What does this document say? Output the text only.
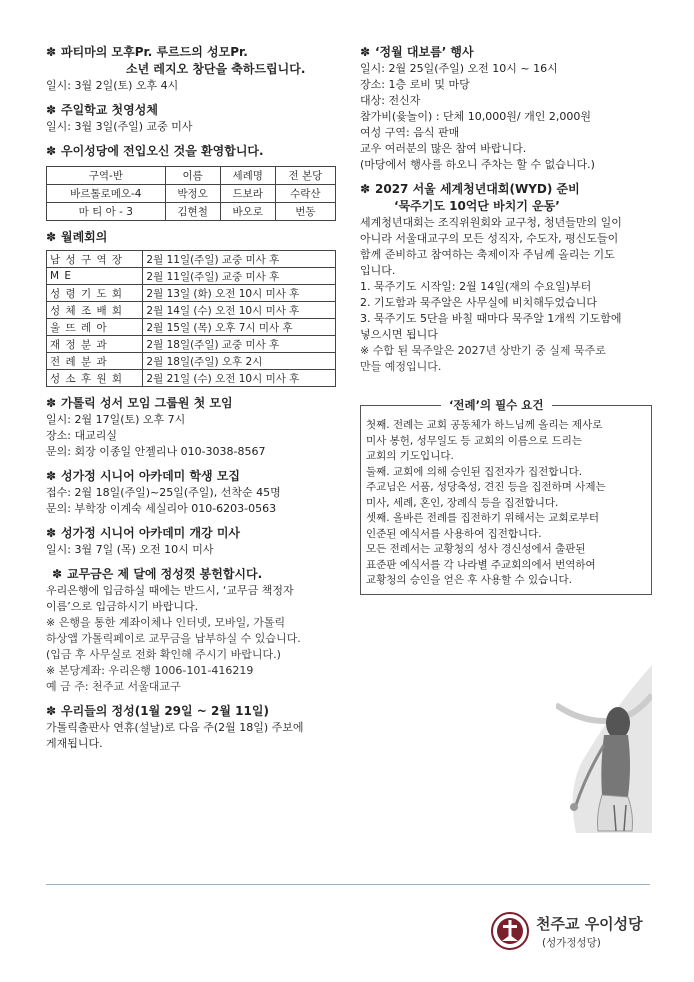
✽ 파티마의 모후Pr. 루르드의 성모Pr.

소년 레지오 창단을 축하드립니다.

일시: 3월 2일(토) 오후 4시

✽ 주일학교 첫영성체

일시: 3월 3일(주일) 교중 미사

✽ 우이성당에 전입오신 것을 환영합니다.

구역-반	이름	세례명	전 본당
바르톨로메오-4	박정오	드보라	수락산
마 티 아 - 3	김현철	바오로	번동

✽ 월례회의

남 성 구 역 장	2월 11일(주일) 교중 미사 후
M E	2월 11일(주일) 교중 미사 후
성 령 기 도 회	2월 13일 (화) 오전 10시 미사 후
성 체 조 배 회	2월 14일 (수) 오전 10시 미사 후
울 뜨 레 아	2월 15일 (목) 오후 7시 미사 후
재 정 분 과	2월 18일(주일) 교중 미사 후
전 례 분 과	2월 18일(주일) 오후 2시
성 소 후 원 회	2월 21일 (수) 오전 10시 미사 후

✽ 가톨릭 성서 모임 그룹원 첫 모임

일시: 2월 17일(토) 오후 7시

장소: 대교리실

문의: 회장 이종일 안젤리나 010-3038-8567

✽ 성가정 시니어 아카데미 학생 모집

접수: 2월 18일(주일)~25일(주일), 선착순 45명

문의: 부학장 이계숙 세실리아 010-6203-0563

✽ 성가정 시니어 아카데미 개강 미사

일시: 3월 7일 (목) 오전 10시 미사

✽ 교무금은 제 달에 정성껏 봉헌합시다.

우리은행에 입금하실 때에는 반드시, ‘교무금 책정자

이름’으로 입금하시기 바랍니다.

※ 은행을 통한 계좌이체나 인터넷, 모바일, 가톨릭

하상앱 가톨릭페이로 교무금을 납부하실 수 있습니다.

(입금 후 사무실로 전화 확인해 주시기 바랍니다.)

※ 본당계좌: 우리은행 1006-101-416219

예 금 주: 천주교 서울대교구

✽ 우리들의 정성(1월 29일 ~ 2월 11일)

가톨릭출판사 연휴(설날)로 다음 주(2월 18일) 주보에

게재됩니다.

✽ ‘정월 대보름’ 행사

일시: 2월 25일(주일) 오전 10시 ~ 16시

장소: 1층 로비 및 마당

대상: 전신자

참가비(윷놀이) : 단체 10,000원/ 개인 2,000원

여성 구역: 음식 판매

교우 여러분의 많은 참여 바랍니다.

(마당에서 행사를 하오니 주차는 할 수 없습니다.)

✽ 2027 서울 세계청년대회(WYD) 준비

‘묵주기도 10억단 바치기 운동’

세계청년대회는 조직위원회와 교구청, 청년들만의 일이

아니라 서울대교구의 모든 성직자, 수도자, 평신도들이

함께 준비하고 참여하는 축제이자 주님께 올리는 기도

입니다.

1. 묵주기도 시작일: 2월 14일(재의 수요일)부터

2. 기도함과 묵주알은 사무실에 비치해두었습니다

3. 묵주기도 5단을 바칠 때마다 묵주알 1개씩 기도함에

넣으시면 됩니다

※ 수합 된 묵주알은 2027년 상반기 중 실제 묵주로

만들 예정입니다.

‘전례’의 필수 요건

첫째. 전례는 교회 공동체가 하느님께 올리는 제사로

미사 봉헌, 성무일도 등 교회의 이름으로 드리는

교회의 기도입니다.

둘째. 교회에 의해 승인된 집전자가 집전합니다.

주교님은 서품, 성당축성, 견진 등을 집전하며 사제는

미사, 세례, 혼인, 장례식 등을 집전합니다.

셋째. 올바른 전례를 집전하기 위해서는 교회로부터

인준된 예식서를 사용하여 집전합니다.

모든 전례서는 교황청의 성사 경신성에서 출판된

표준판 예식서를 각 나라별 주교회의에서 번역하여

교황청의 승인을 얻은 후 사용할 수 있습니다.

천주교 우이성당
(성가정성당)
